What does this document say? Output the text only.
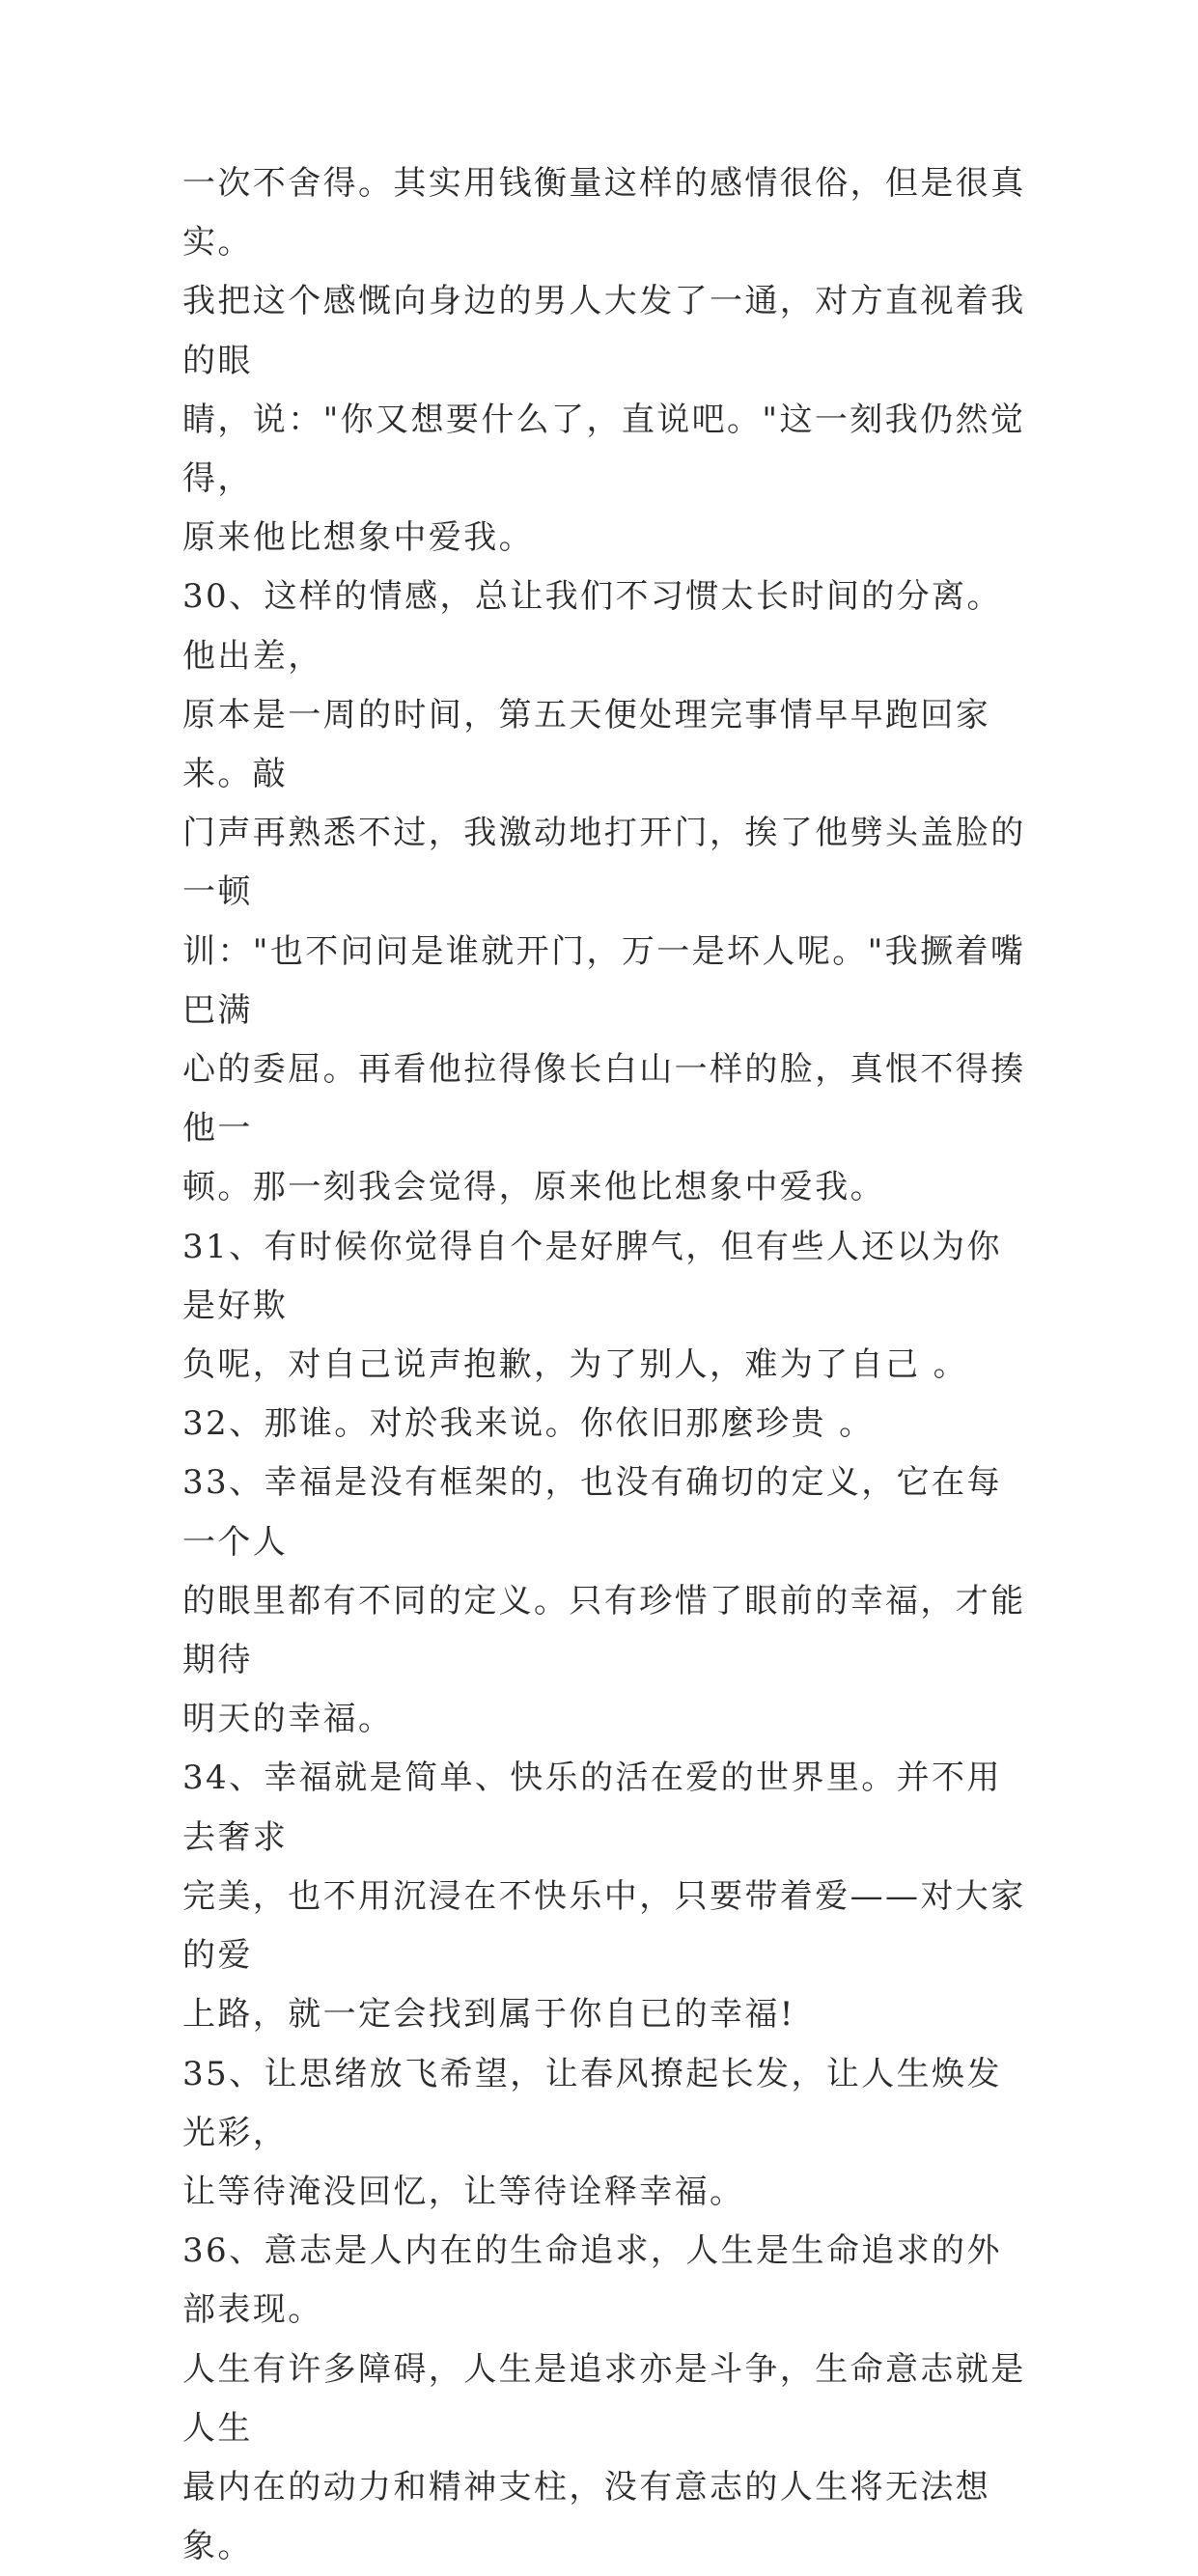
一次不舍得。其实用钱衡量这样的感情很俗，但是很真实。
我把这个感慨向身边的男人大发了一通，对方直视着我的眼
睛，说："你又想要什么了，直说吧。"这一刻我仍然觉得，
原来他比想象中爱我。

30、这样的情感，总让我们不习惯太长时间的分离。他出差，
原本是一周的时间，第五天便处理完事情早早跑回家来。敲
门声再熟悉不过，我激动地打开门，挨了他劈头盖脸的一顿
训："也不问问是谁就开门，万一是坏人呢。"我撅着嘴巴满
心的委屈。再看他拉得像长白山一样的脸，真恨不得揍他一
顿。那一刻我会觉得，原来他比想象中爱我。

31、有时候你觉得自个是好脾气，但有些人还以为你是好欺
负呢，对自己说声抱歉，为了别人，难为了自己 。

32、那谁。对於我来说。你依旧那麼珍贵 。

33、幸福是没有框架的，也没有确切的定义，它在每一个人
的眼里都有不同的定义。只有珍惜了眼前的幸福，才能期待
明天的幸福。

34、幸福就是简单、快乐的活在爱的世界里。并不用去奢求
完美，也不用沉浸在不快乐中，只要带着爱——对大家的爱
上路，就一定会找到属于你自已的幸福!

35、让思绪放飞希望，让春风撩起长发，让人生焕发光彩，
让等待淹没回忆，让等待诠释幸福。

36、意志是人内在的生命追求，人生是生命追求的外部表现。
人生有许多障碍，人生是追求亦是斗争，生命意志就是人生
最内在的动力和精神支柱，没有意志的人生将无法想象。
